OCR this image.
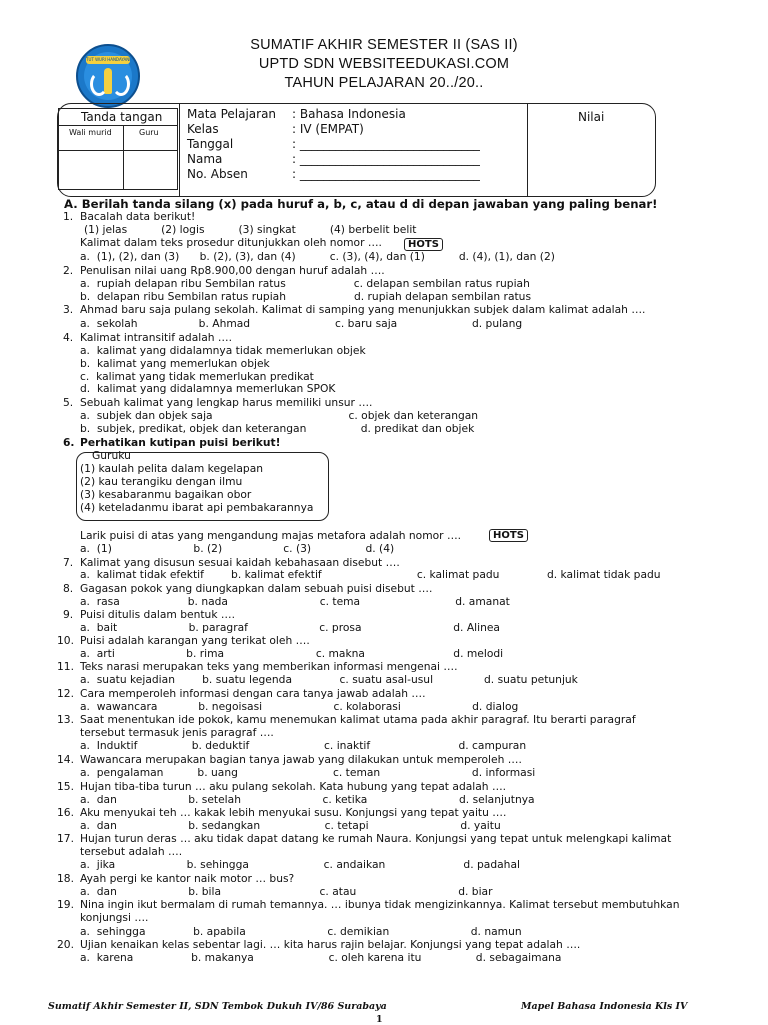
TUT WURI HANDAYANI
SUMATIF AKHIR SEMESTER II (SAS II)
UPTD SDN WEBSITEEDUKASI.COM
TAHUN PELAJARAN 20../20..
Tanda tangan
Wali murid	Guru
Mata Pelajaran
Kelas
Tanggal
Nama
No. Absen
: Bahasa Indonesia
: IV (EMPAT)
: ______________________________
: ______________________________
: ______________________________
Nilai
A. Berilah tanda silang (x) pada huruf a, b, c, atau d di depan jawaban yang paling benar!
1. Bacalah data berikut!
(1) jelas          (2) logis          (3) singkat          (4) berbelit belit
Kalimat dalam teks prosedur ditunjukkan oleh nomor ….
a.  (1), (2), dan (3)      b. (2), (3), dan (4)          c. (3), (4), dan (1)          d. (4), (1), dan (2)
2. Penulisan nilai uang Rp8.900,00 dengan huruf adalah ….
a.  rupiah delapan ribu Sembilan ratus                    c. delapan sembilan ratus rupiah
b.  delapan ribu Sembilan ratus rupiah                    d. rupiah delapan sembilan ratus
3. Ahmad baru saja pulang sekolah. Kalimat di samping yang menunjukkan subjek dalam kalimat adalah ….
a.  sekolah                  b. Ahmad                         c. baru saja                      d. pulang
4. Kalimat intransitif adalah ….
a.  kalimat yang didalamnya tidak memerlukan objek
b.  kalimat yang memerlukan objek
c.  kalimat yang tidak memerlukan predikat
d.  kalimat yang didalamnya memerlukan SPOK
5. Sebuah kalimat yang lengkap harus memiliki unsur ….
a.  subjek dan objek saja                                        c. objek dan keterangan
b.  subjek, predikat, objek dan keterangan                d. predikat dan objek
6. Perhatikan kutipan puisi berikut!
Guruku
(1) kaulah pelita dalam kegelapan
(2) kau terangiku dengan ilmu
(3) kesabaranmu bagaikan obor
(4) keteladanmu ibarat api pembakarannya
Larik puisi di atas yang mengandung majas metafora adalah nomor ….
a.  (1)                        b. (2)                  c. (3)                d. (4)
7. Kalimat yang disusun sesuai kaidah kebahasaan disebut ….
a.  kalimat tidak efektif        b. kalimat efektif                            c. kalimat padu              d. kalimat tidak padu
8. Gagasan pokok yang diungkapkan dalam sebuah puisi disebut ….
a.  rasa                    b. nada                           c. tema                            d. amanat
9. Puisi ditulis dalam bentuk ….
a.  bait                     b. paragraf                     c. prosa                           d. Alinea
10. Puisi adalah karangan yang terikat oleh ….
a.  arti                     b. rima                           c. makna                          d. melodi
11. Teks narasi merupakan teks yang memberikan informasi mengenai ….
a.  suatu kejadian        b. suatu legenda              c. suatu asal-usul               d. suatu petunjuk
12. Cara memperoleh informasi dengan cara tanya jawab adalah ….
a.  wawancara            b. negoisasi                     c. kolaborasi                     d. dialog
13. Saat menentukan ide pokok, kamu menemukan kalimat utama pada akhir paragraf. Itu berarti paragraf
tersebut termasuk jenis paragraf ….
a.  Induktif                b. deduktif                      c. inaktif                          d. campuran
14. Wawancara merupakan bagian tanya jawab yang dilakukan untuk memperoleh ….
a.  pengalaman          b. uang                            c. teman                           d. informasi
15. Hujan tiba-tiba turun … aku pulang sekolah. Kata hubung yang tepat adalah ….
a.  dan                     b. setelah                        c. ketika                           d. selanjutnya
16. Aku menyukai teh … kakak lebih menyukai susu. Konjungsi yang tepat yaitu ….
a.  dan                     b. sedangkan                   c. tetapi                           d. yaitu
17. Hujan turun deras … aku tidak dapat datang ke rumah Naura. Konjungsi yang tepat untuk melengkapi kalimat
tersebut adalah ….
a.  jika                     b. sehingga                      c. andaikan                       d. padahal
18. Ayah pergi ke kantor naik motor … bus?
a.  dan                     b. bila                             c. atau                              d. biar
19. Nina ingin ikut bermalam di rumah temannya. … ibunya tidak mengizinkannya. Kalimat tersebut membutuhkan
konjungsi ….
a.  sehingga              b. apabila                        c. demikian                        d. namun
20. Ujian kenaikan kelas sebentar lagi. … kita harus rajin belajar. Konjungsi yang tepat adalah ….
a.  karena                 b. makanya                      c. oleh karena itu                d. sebagaimana
HOTS
HOTS
Sumatif Akhir Semester II, SDN Tembok Dukuh IV/86 Surabaya	Mapel Bahasa Indonesia Kls IV
1
